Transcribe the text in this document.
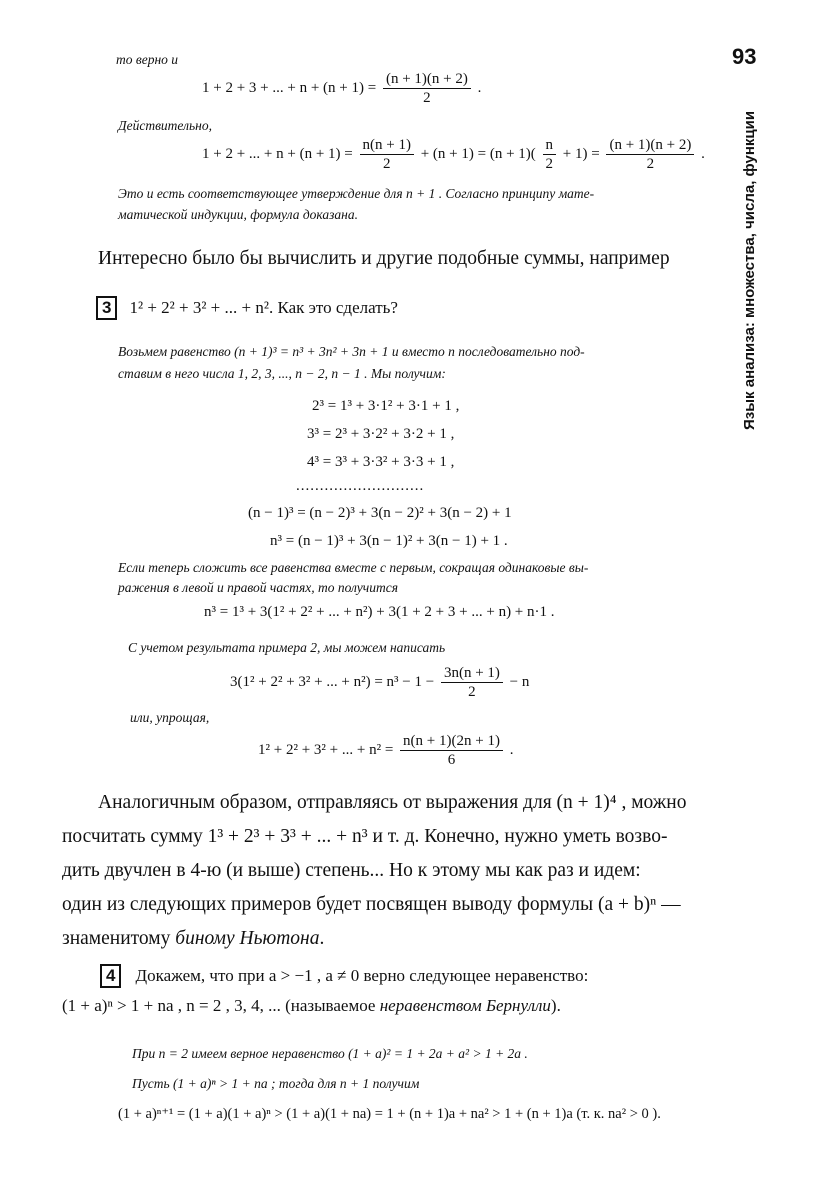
93
Язык анализа: множества, числа, функции
то верно и
1 + 2 + 3 + ... + $n + (n + 1) = \frac{(n + 1)(n + 2)}{2}$ .
Действительно,
1 + 2 + ... + $n + (n + 1) = \frac{n(n + 1)}{2} + (n + 1) = (n + 1)( \frac{n}{2} + 1) = \frac{(n + 1)(n + 2)}{2}$ .
Это и есть соответствующее утверждение для n + 1 . Согласно принципу мате-
матической индукции, формула доказана.
Интересно было бы вычислить и другие подобные суммы, например
3 1² + 2² + 3² + ... + n². Как это сделать?
Возьмем равенство (n + 1)³ = n³ + 3n² + 3n + 1 и вместо n последовательно под-
ставим в него числа 1, 2, 3, ..., n − 2, n − 1 . Мы получим:
2³ = 1³ + 3·1² + 3·1 + 1 ,
3³ = 2³ + 3·2² + 3·2 + 1 ,
4³ = 3³ + 3·3² + 3·3 + 1 ,
...........................
(n − 1)³ = (n − 2)³ + 3(n − 2)² + 3(n − 2) + 1
n³ = (n − 1)³ + 3(n − 1)² + 3(n − 1) + 1 .
Если теперь сложить все равенства вместе с первым, сокращая одинаковые вы-
ражения в левой и правой частях, то получится
n³ = 1³ + 3(1² + 2² + ... + n²) + 3(1 + 2 + 3 + ... + n) + n·1 .
С учетом результата примера 2, мы можем написать
3(1² + 2² + 3² + ... + $n^2) = n^3 - 1 - \frac{3n(n + 1)}{2} - n$
или, упрощая,
1² + 2² + 3² + ... + $n^2 = \frac{n(n + 1)(2n + 1)}{6}$ .
Аналогичным образом, отправляясь от выражения для (n + 1)⁴ , можно
посчитать сумму 1³ + 2³ + 3³ + ... + n³ и т. д. Конечно, нужно уметь возво-
дить двучлен в 4-ю (и выше) степень... Но к этому мы как раз и идем:
один из следующих примеров будет посвящен выводу формулы (a + b)ⁿ —
знаменитому биному Ньютона.
4 Докажем, что при a > −1 , a ≠ 0 верно следующее неравенство:
(1 + a)ⁿ > 1 + na , n = 2 , 3, 4, ... (называемое неравенством Бернулли).
При n = 2 имеем верное неравенство (1 + a)² = 1 + 2a + a² > 1 + 2a .
Пусть (1 + a)ⁿ > 1 + na ; тогда для n + 1 получим
(1 + a)ⁿ⁺¹ = (1 + a)(1 + a)ⁿ > (1 + a)(1 + na) = 1 + (n + 1)a + na² > 1 + (n + 1)a (т. к. na² > 0 ).
